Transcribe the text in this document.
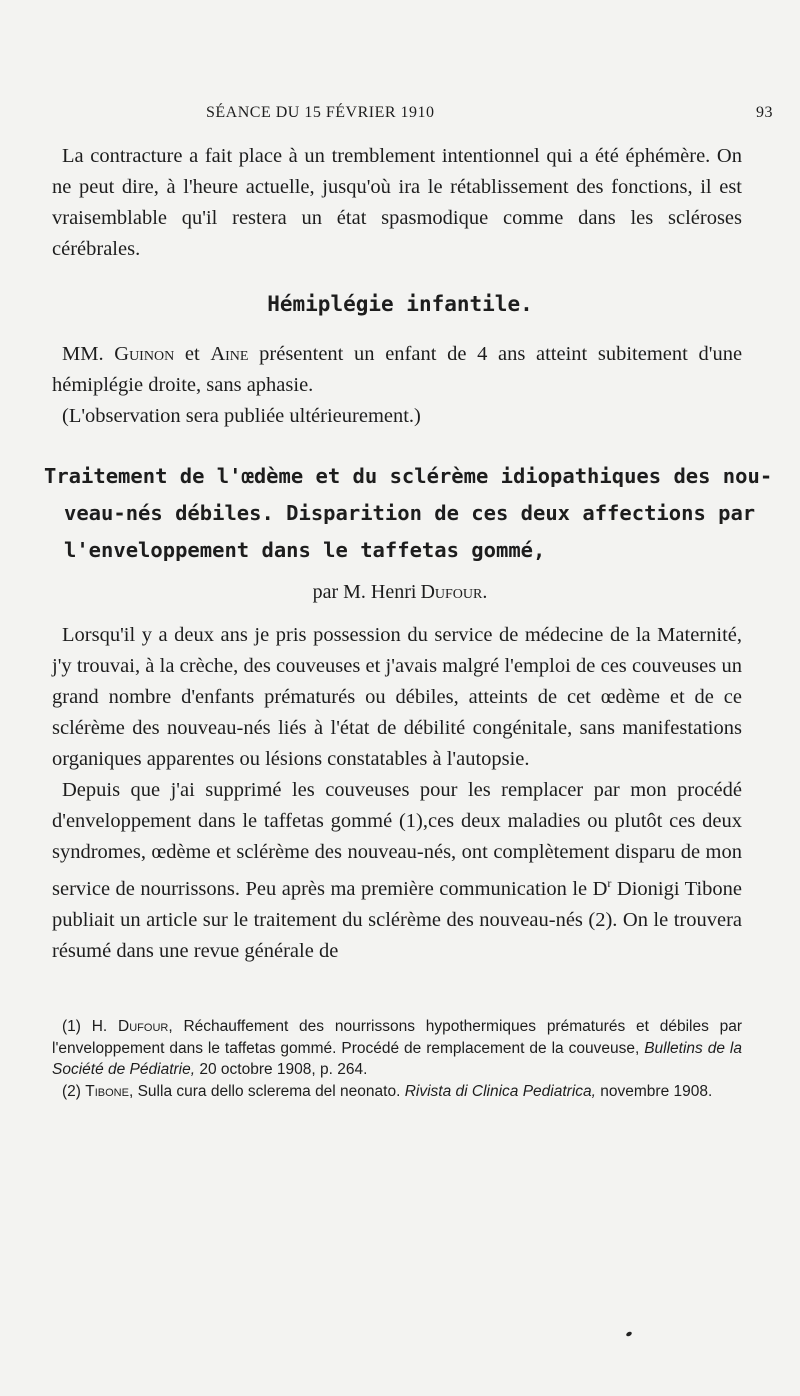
SÉANCE DU 15 FÉVRIER 1910	93

La contracture a fait place à un tremblement intentionnel qui a été éphémère. On ne peut dire, à l'heure actuelle, jusqu'où ira le rétablissement des fonctions, il est vraisemblable qu'il restera un état spasmodique comme dans les scléroses cérébrales.

Hémiplégie infantile.

MM. Guinon et Aine présentent un enfant de 4 ans atteint subitement d'une hémiplégie droite, sans aphasie.

(L'observation sera publiée ultérieurement.)

Traitement de l'œdème et du sclérème idiopathiques des nou-
veau-nés débiles. Disparition de ces deux affections par
l'enveloppement dans le taffetas gommé,
par M. Henri Dufour.

Lorsqu'il y a deux ans je pris possession du service de médecine de la Maternité, j'y trouvai, à la crèche, des couveuses et j'avais malgré l'emploi de ces couveuses un grand nombre d'enfants prématurés ou débiles, atteints de cet œdème et de ce sclérème des nouveau-nés liés à l'état de débilité congénitale, sans manifestations organiques apparentes ou lésions constatables à l'autopsie.

Depuis que j'ai supprimé les couveuses pour les remplacer par mon procédé d'enveloppement dans le taffetas gommé (1),ces deux maladies ou plutôt ces deux syndromes, œdème et sclérème des nouveau-nés, ont complètement disparu de mon service de nourrissons. Peu après ma première communication le $D^r$ Dionigi Tibone publiait un article sur le traitement du sclérème des nouveau-nés (2). On le trouvera résumé dans une revue générale de

(1) H. Dufour, Réchauffement des nourrissons hypothermiques prématurés et débiles par l'enveloppement dans le taffetas gommé. Procédé de remplacement de la couveuse, Bulletins de la Société de Pédiatrie, 20 octobre 1908, p. 264.

(2) Tibone, Sulla cura dello sclerema del neonato. Rivista di Clinica Pediatrica, novembre 1908.
